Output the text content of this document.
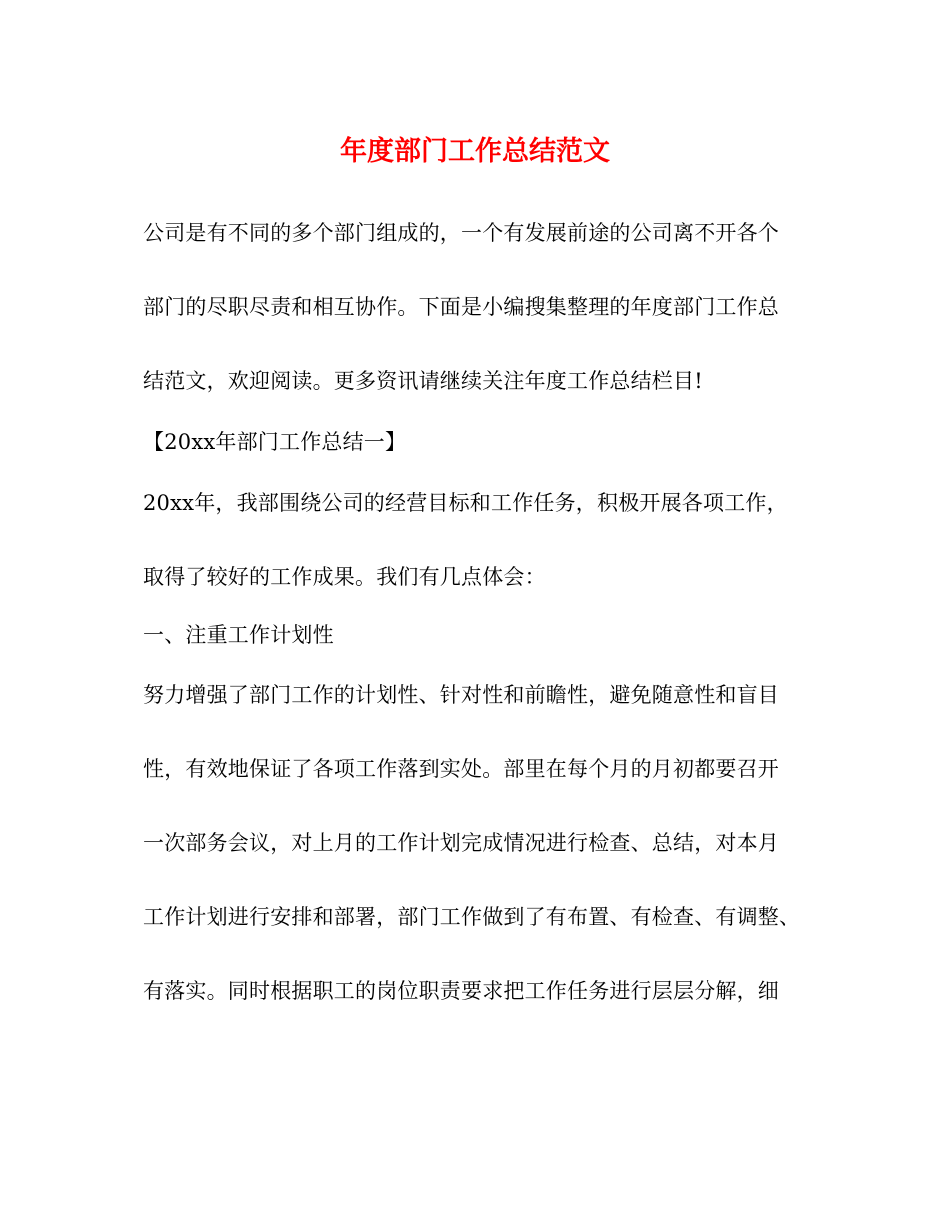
年度部门工作总结范文
公司是有不同的多个部门组成的，一个有发展前途的公司离不开各个
部门的尽职尽责和相互协作。下面是小编搜集整理的年度部门工作总
结范文，欢迎阅读。更多资讯请继续关注年度工作总结栏目!
【20xx年部门工作总结一】
20xx年，我部围绕公司的经营目标和工作任务，积极开展各项工作，
取得了较好的工作成果。我们有几点体会：
一、注重工作计划性
努力增强了部门工作的计划性、针对性和前瞻性，避免随意性和盲目
性，有效地保证了各项工作落到实处。部里在每个月的月初都要召开
一次部务会议，对上月的工作计划完成情况进行检查、总结，对本月
工作计划进行安排和部署，部门工作做到了有布置、有检查、有调整、
有落实。同时根据职工的岗位职责要求把工作任务进行层层分解，细
